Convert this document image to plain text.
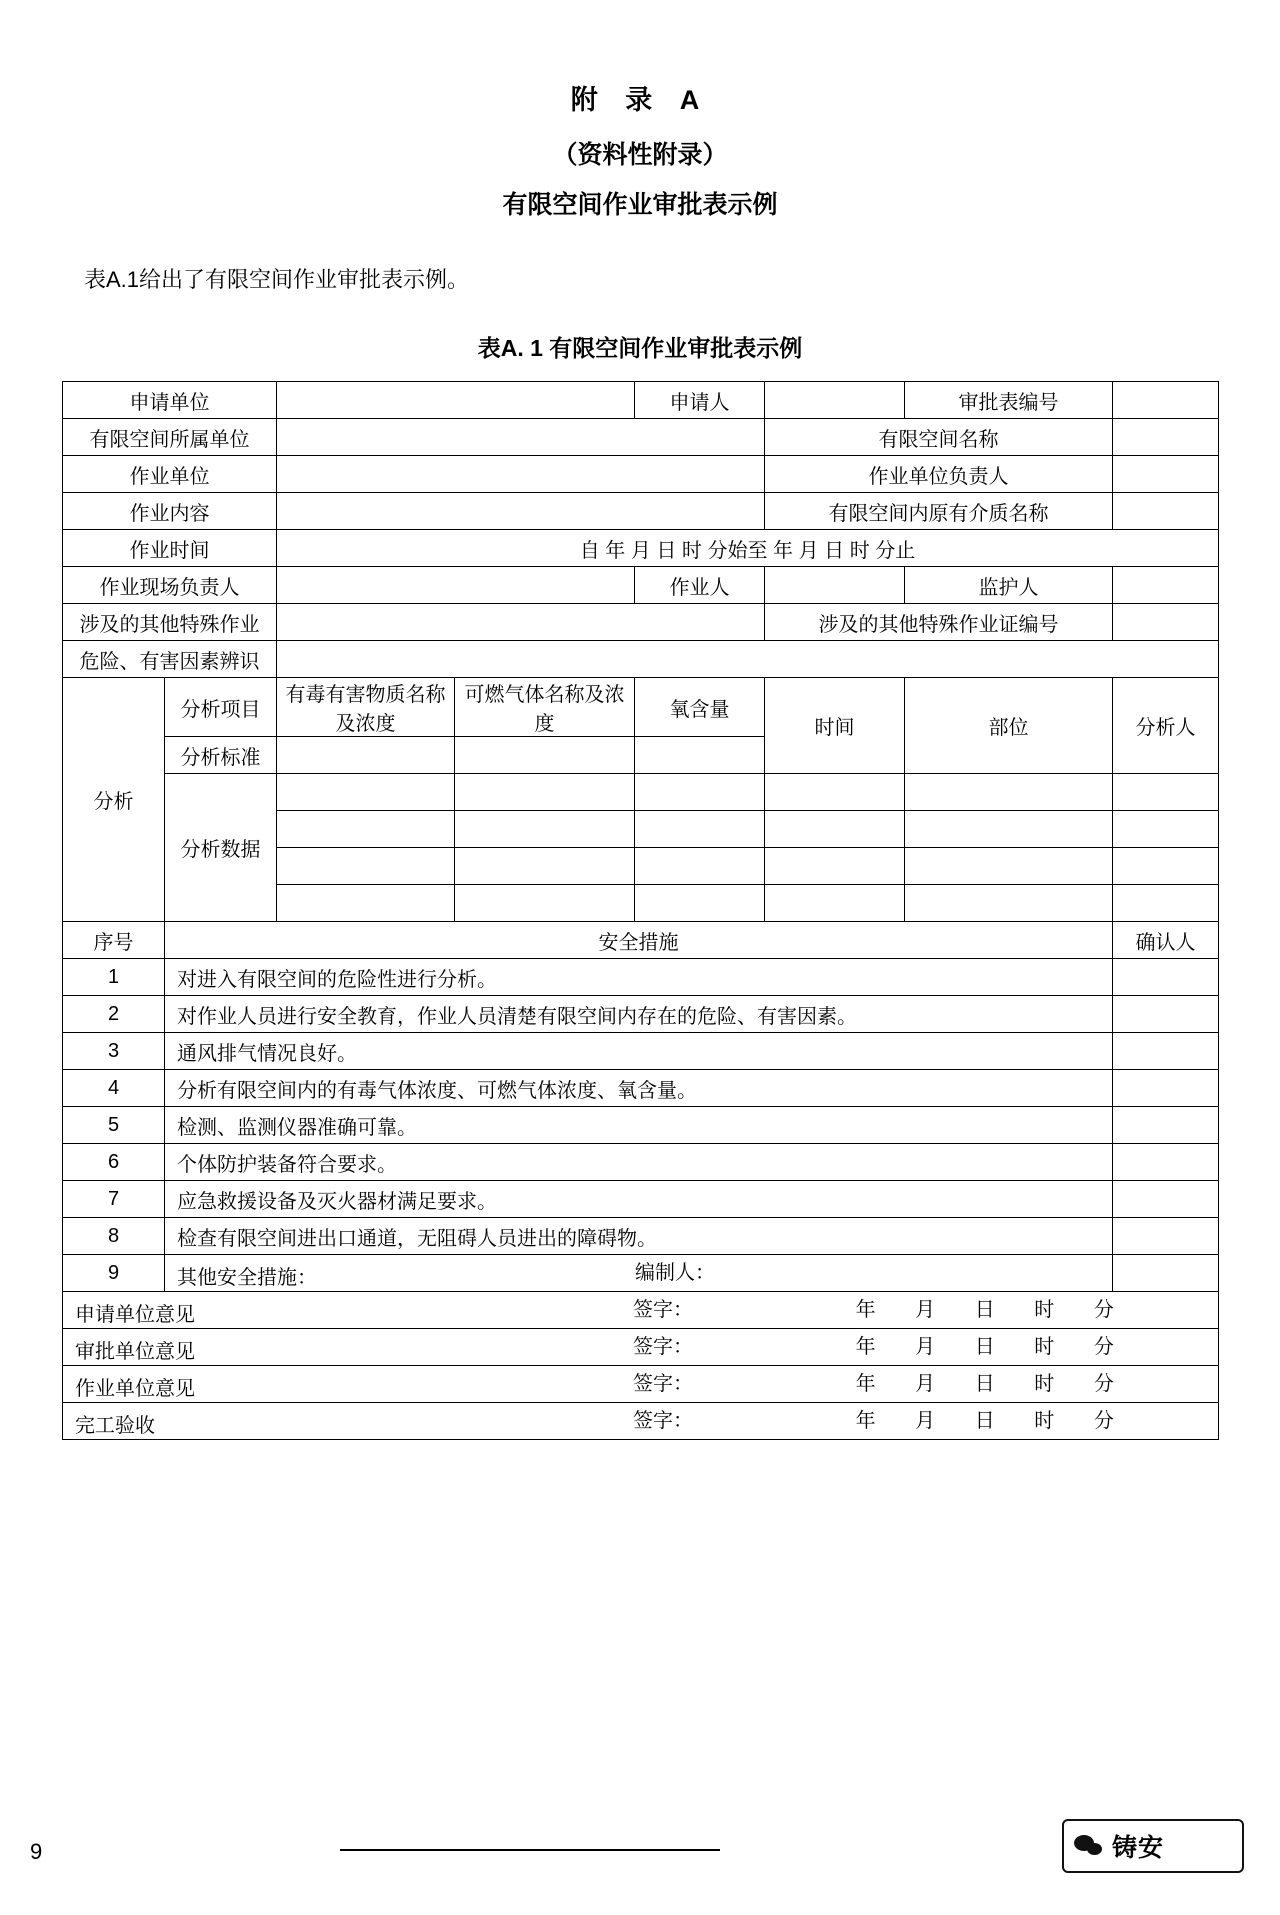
附 录 A
（资料性附录）
有限空间作业审批表示例
表A.1给出了有限空间作业审批表示例。
表A. 1 有限空间作业审批表示例
申请单位				申请人		审批表编号	
有限空间所属单位					有限空间名称		
作业单位					作业单位负责人		
作业内容					有限空间内原有介质名称		
作业时间		自 年 月 日 时 分始至 年 月 日 时 分止					
作业现场负责人				作业人		监护人	
涉及的其他特殊作业					涉及的其他特殊作业证编号		
危险、有害因素辨识							
分析	分析项目	有毒有害物质名称及浓度	可燃气体名称及浓度	氧含量	时间	部位	分析人
	分析标准						
	分析数据						

序号	安全措施						确认人
1	对进入有限空间的危险性进行分析。						
2	对作业人员进行安全教育，作业人员清楚有限空间内存在的危险、有害因素。						
3	通风排气情况良好。						
4	分析有限空间内的有毒气体浓度、可燃气体浓度、氧含量。						
5	检测、监测仪器准确可靠。						
6	个体防护装备符合要求。						
7	应急救援设备及灭火器材满足要求。						
8	检查有限空间进出口通道，无阻碍人员进出的障碍物。						
9	其他安全措施： 编制人：						

申请单位意见 签字： 年 月 日 时 分							

审批单位意见 签字： 年 月 日 时 分							

作业单位意见 签字： 年 月 日 时 分							

完工验收 签字： 年 月 日 时 分							
9	铸安
